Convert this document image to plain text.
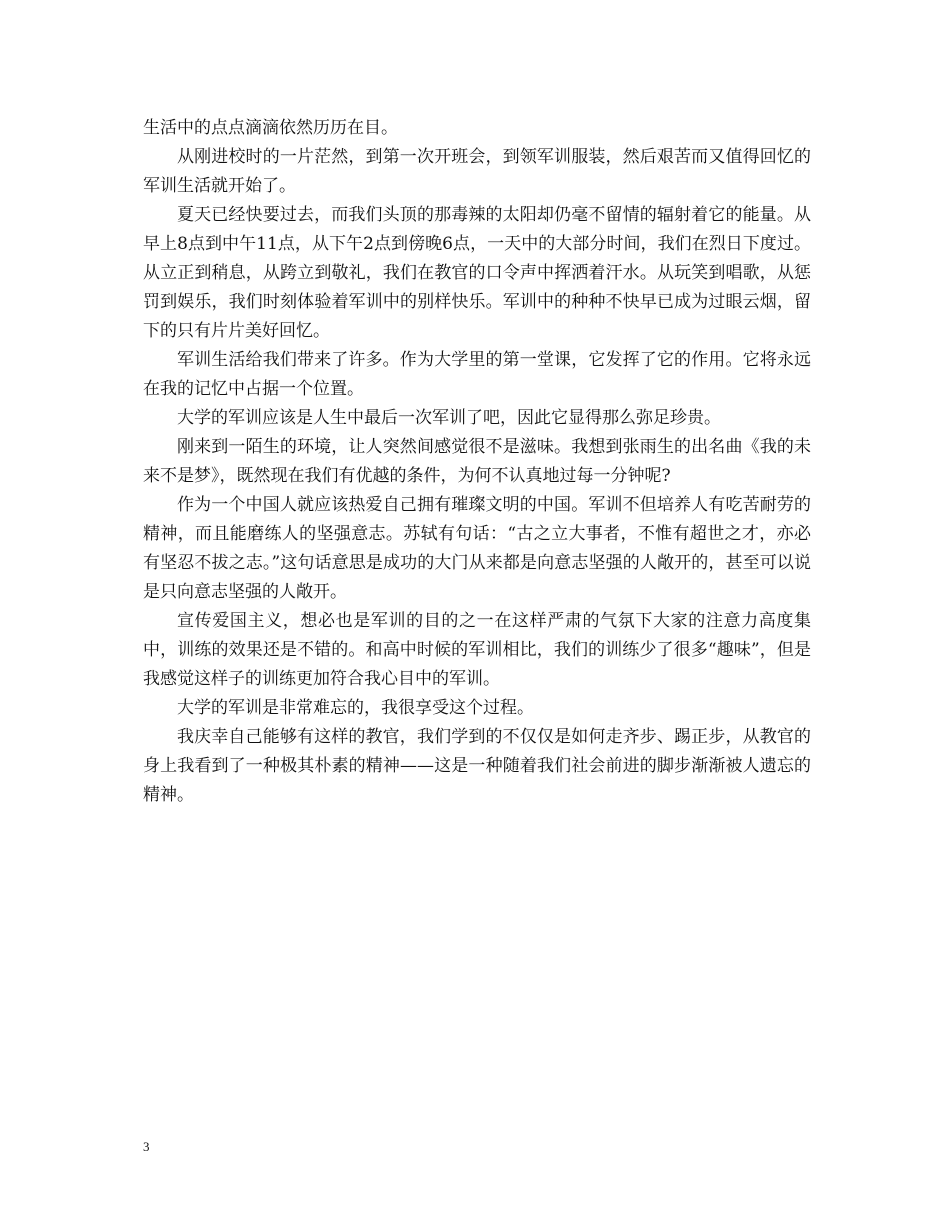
生活中的点点滴滴依然历历在目。

从刚进校时的一片茫然，到第一次开班会，到领军训服装，然后艰苦而又值得回忆的军训生活就开始了。

夏天已经快要过去，而我们头顶的那毒辣的太阳却仍毫不留情的辐射着它的能量。从早上8点到中午11点，从下午2点到傍晚6点，一天中的大部分时间，我们在烈日下度过。从立正到稍息，从跨立到敬礼，我们在教官的口令声中挥洒着汗水。从玩笑到唱歌，从惩罚到娱乐，我们时刻体验着军训中的别样快乐。军训中的种种不快早已成为过眼云烟，留下的只有片片美好回忆。

军训生活给我们带来了许多。作为大学里的第一堂课，它发挥了它的作用。它将永远在我的记忆中占据一个位置。

大学的军训应该是人生中最后一次军训了吧，因此它显得那么弥足珍贵。

刚来到一陌生的环境，让人突然间感觉很不是滋味。我想到张雨生的出名曲《我的未来不是梦》，既然现在我们有优越的条件，为何不认真地过每一分钟呢?

作为一个中国人就应该热爱自己拥有璀璨文明的中国。军训不但培养人有吃苦耐劳的精神，而且能磨练人的坚强意志。苏轼有句话：“古之立大事者，不惟有超世之才，亦必有坚忍不拔之志。”这句话意思是成功的大门从来都是向意志坚强的人敞开的，甚至可以说是只向意志坚强的人敞开。

宣传爱国主义，想必也是军训的目的之一在这样严肃的气氛下大家的注意力高度集中，训练的效果还是不错的。和高中时候的军训相比，我们的训练少了很多“趣味”，但是我感觉这样子的训练更加符合我心目中的军训。

大学的军训是非常难忘的，我很享受这个过程。

我庆幸自己能够有这样的教官，我们学到的不仅仅是如何走齐步、踢正步，从教官的身上我看到了一种极其朴素的精神——这是一种随着我们社会前进的脚步渐渐被人遗忘的精神。

3
